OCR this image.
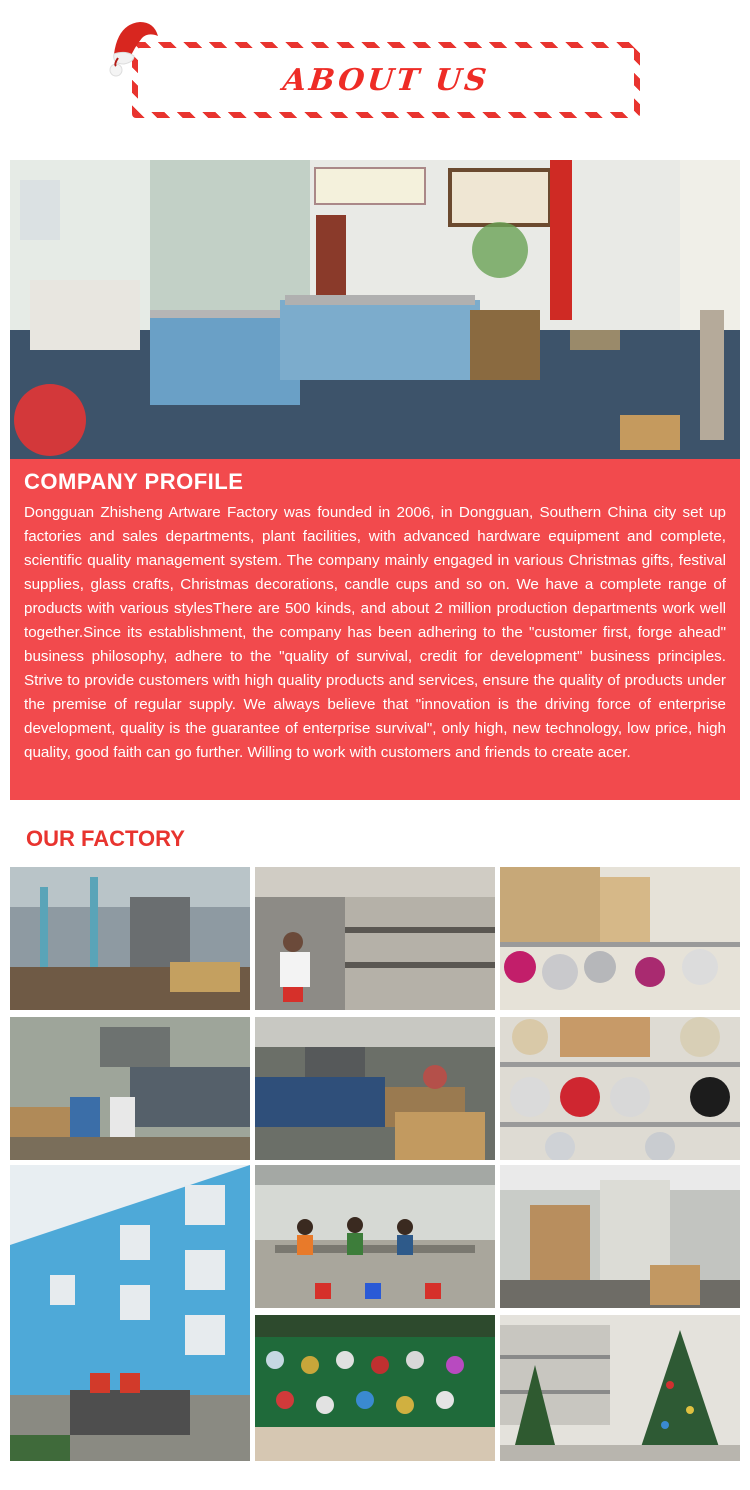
ABOUT US
COMPANY PROFILE

Dongguan Zhisheng Artware Factory was founded in 2006, in Dongguan, Southern China city set up factories and sales departments, plant facilities, with advanced hardware equipment and complete, scientific quality management system. The company mainly engaged in various Christmas gifts, festival supplies, glass crafts, Christmas decorations, candle cups and so on. We have a complete range of products with various stylesThere are 500 kinds, and about 2 million production departments work well together.Since its establishment, the company has been adhering to the "customer first, forge ahead" business philosophy, adhere to the "quality of survival, credit for development" business principles. Strive to provide customers with high quality products and services, ensure the quality of products under the premise of regular supply. We always believe that "innovation is the driving force of enterprise development, quality is the guarantee of enterprise survival", only high, new technology, low price, high quality, good faith can go further. Willing to work with customers and friends to create acer.

OUR FACTORY
